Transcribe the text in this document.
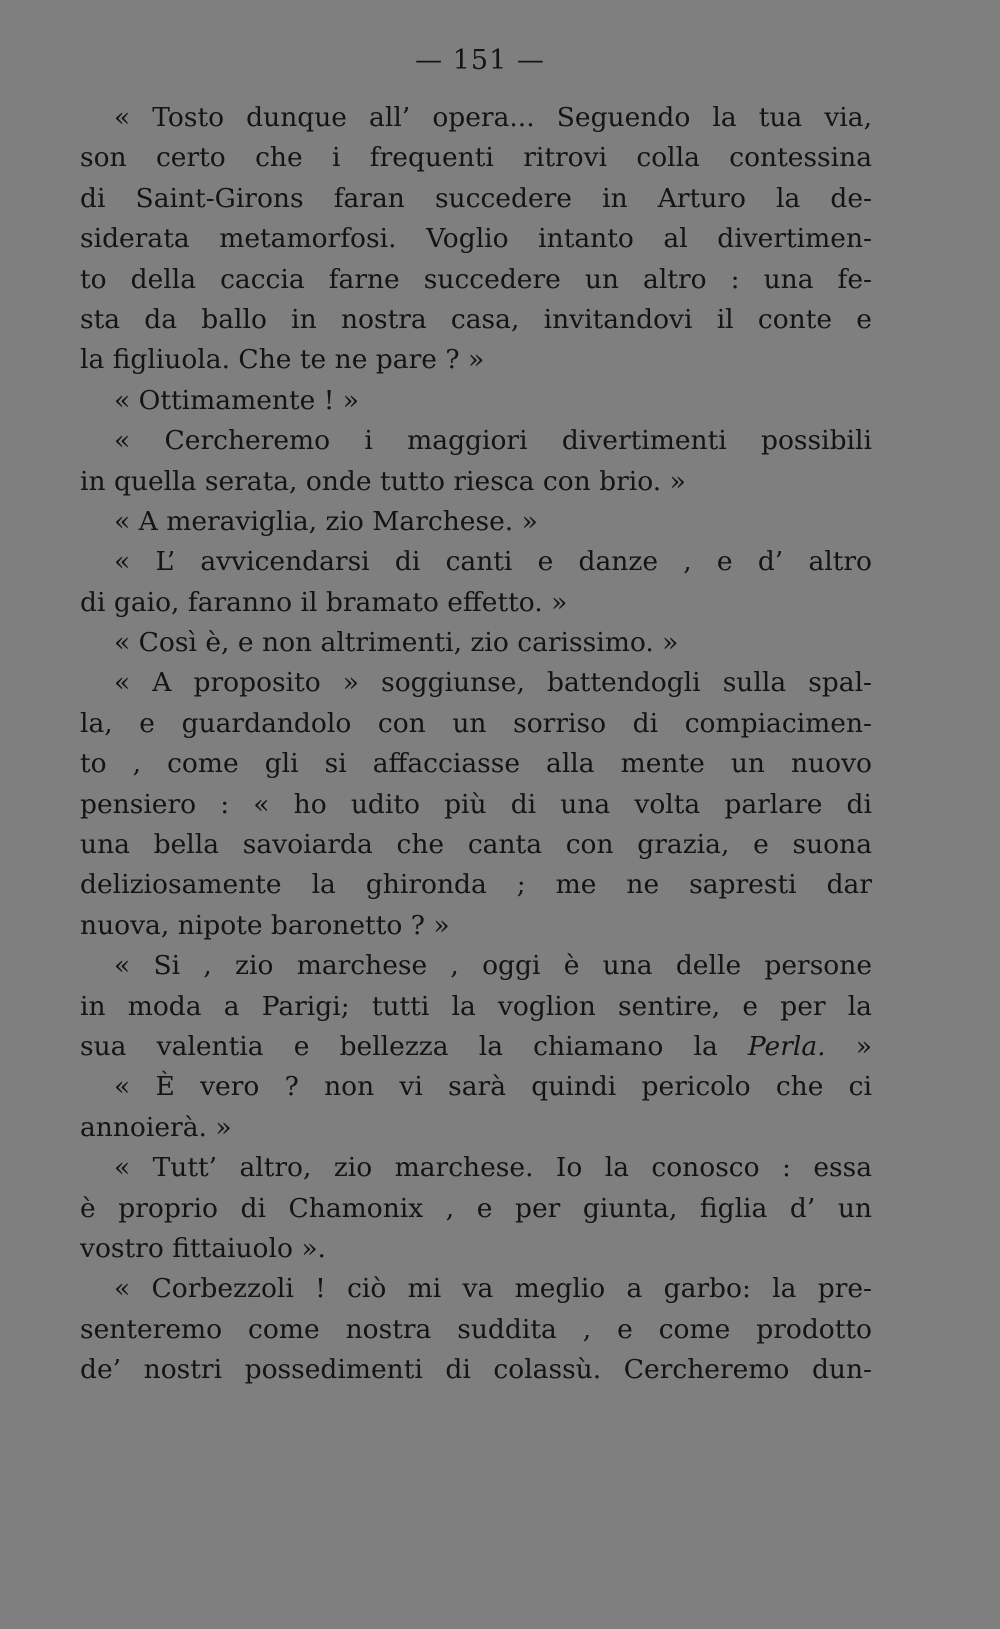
— 151 —
« Tosto dunque all’ opera... Seguendo la tua via,
son certo che i frequenti ritrovi colla contessina
di Saint-Girons faran succedere in Arturo la de-
siderata metamorfosi. Voglio intanto al divertimen-
to della caccia farne succedere un altro : una fe-
sta da ballo in nostra casa, invitandovi il conte e
la figliuola. Che te ne pare ? »
« Ottimamente ! »
« Cercheremo i maggiori divertimenti possibili
in quella serata, onde tutto riesca con brio. »
« A meraviglia, zio Marchese. »
« L’ avvicendarsi di canti e danze , e d’ altro
di gaio, faranno il bramato effetto. »
« Così è, e non altrimenti, zio carissimo. »
« A proposito » soggiunse, battendogli sulla spal-
la, e guardandolo con un sorriso di compiacimen-
to , come gli si affacciasse alla mente un nuovo
pensiero : « ho udito più di una volta parlare di
una bella savoiarda che canta con grazia, e suona
deliziosamente la ghironda ; me ne sapresti dar
nuova, nipote baronetto ? »
« Si , zio marchese , oggi è una delle persone
in moda a Parigi; tutti la voglion sentire, e per la
sua valentia e bellezza la chiamano la Perla. »
« È vero ? non vi sarà quindi pericolo che ci
annoierà. »
« Tutt’ altro, zio marchese. Io la conosco : essa
è proprio di Chamonix , e per giunta, figlia d’ un
vostro fittaiuolo ».
« Corbezzoli ! ciò mi va meglio a garbo: la pre-
senteremo come nostra suddita , e come prodotto
de’ nostri possedimenti di colassù. Cercheremo dun-
